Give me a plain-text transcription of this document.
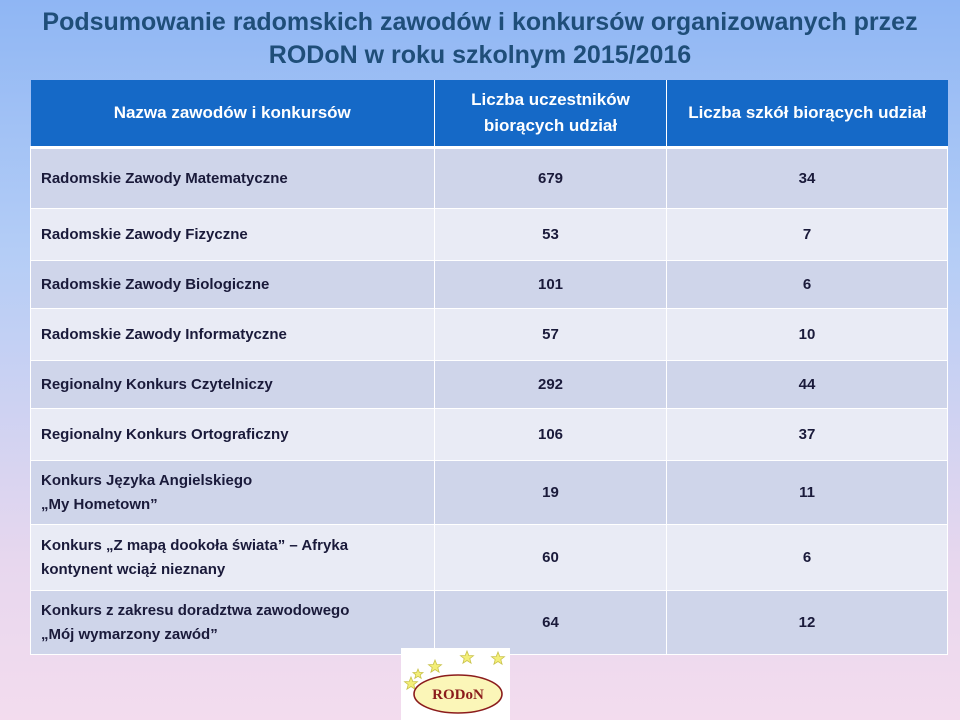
Podsumowanie radomskich zawodów i konkursów organizowanych przez
RODoN w roku szkolnym 2015/2016
Nazwa zawodów i konkursów	Liczba uczestników biorących udział	Liczba szkół biorących udział

Radomskie Zawody Matematyczne	679	34

Radomskie Zawody Fizyczne	53	7

Radomskie Zawody Biologiczne	101	6

Radomskie Zawody Informatyczne	57	10

Regionalny Konkurs Czytelniczy	292	44

Regionalny Konkurs Ortograficzny	106	37

Konkurs Języka Angielskiego
„My Hometown”	19	11

Konkurs „Z mapą dookoła świata” – Afryka
kontynent wciąż nieznany	60	6

Konkurs z zakresu doradztwa zawodowego
„Mój wymarzony zawód”	64	12
RODoN
